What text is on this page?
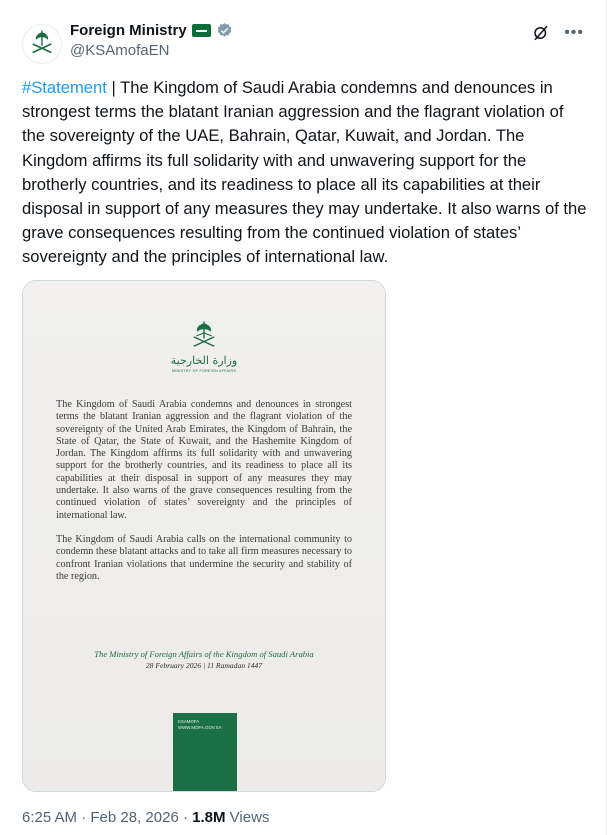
Foreign Ministry
@KSAmofaEN
•••
#Statement | The Kingdom of Saudi Arabia condemns and denounces in strongest terms the blatant Iranian aggression and the flagrant violation of the sovereignty of the UAE, Bahrain, Qatar, Kuwait, and Jordan. The Kingdom affirms its full solidarity with and unwavering support for the brotherly countries, and its readiness to place all its capabilities at their disposal in support of any measures they may undertake. It also warns of the grave consequences resulting from the continued violation of states’ sovereignty and the principles of international law.
وزارة الخارجية
MINISTRY OF FOREIGN AFFAIRS

The Kingdom of Saudi Arabia condemns and denounces in strongest terms the blatant Iranian aggression and the flagrant violation of the sovereignty of the United Arab Emirates, the Kingdom of Bahrain, the State of Qatar, the State of Kuwait, and the Hashemite Kingdom of Jordan. The Kingdom affirms its full solidarity with and unwavering support for the brotherly countries, and its readiness to place all its capabilities at their disposal in support of any measures they may undertake. It also warns of the grave consequences resulting from the continued violation of states’ sovereignty and the principles of international law.

The Kingdom of Saudi Arabia calls on the international community to condemn these blatant attacks and to take all firm measures necessary to confront Iranian violations that undermine the security and stability of the region.

The Ministry of Foreign Affairs of the Kingdom of Saudi Arabia
28 February 2026 | 11 Ramadan 1447
KSAMOFA
WWW.MOFA.GOV.SA
6:25 AM · Feb 28, 2026 · 1.8M Views
